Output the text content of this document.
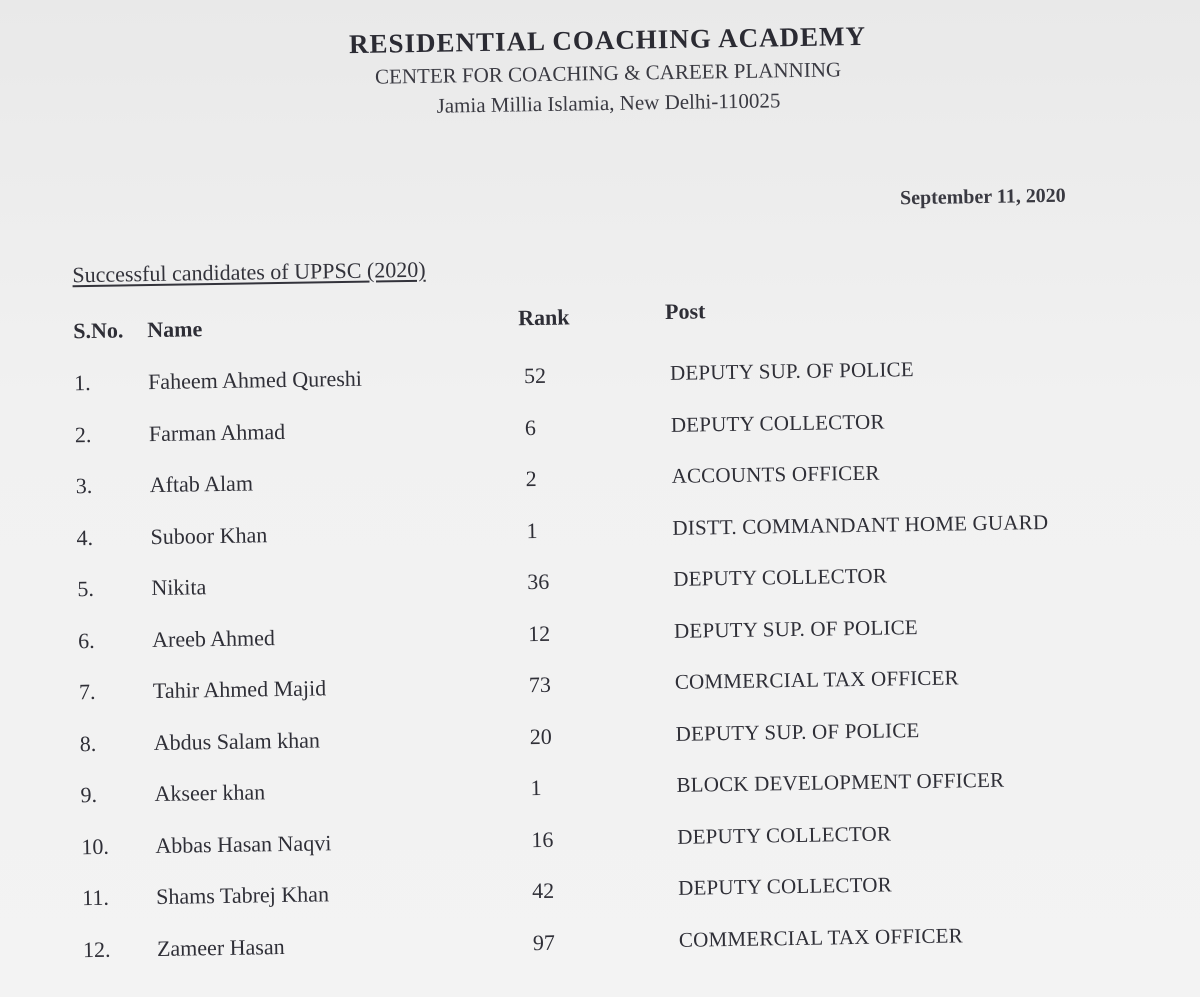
RESIDENTIAL COACHING ACADEMY
CENTER FOR COACHING & CAREER PLANNING
Jamia Millia Islamia, New Delhi-110025
September 11, 2020
Successful candidates of UPPSC (2020)
S.No. Name	Rank	Post
1.	Faheem Ahmed Qureshi	52	DEPUTY SUP. OF POLICE
2.	Farman Ahmad	6	DEPUTY COLLECTOR
3.	Aftab Alam	2	ACCOUNTS OFFICER
4.	Suboor Khan	1	DISTT. COMMANDANT HOME GUARD
5.	Nikita	36	DEPUTY COLLECTOR
6.	Areeb Ahmed	12	DEPUTY SUP. OF POLICE
7.	Tahir Ahmed Majid	73	COMMERCIAL TAX OFFICER
8.	Abdus Salam khan	20	DEPUTY SUP. OF POLICE
9.	Akseer khan	1	BLOCK DEVELOPMENT OFFICER
10. Abbas Hasan Naqvi	16	DEPUTY COLLECTOR
11. Shams Tabrej Khan	42	DEPUTY COLLECTOR
12. Zameer Hasan	97	COMMERCIAL TAX OFFICER
